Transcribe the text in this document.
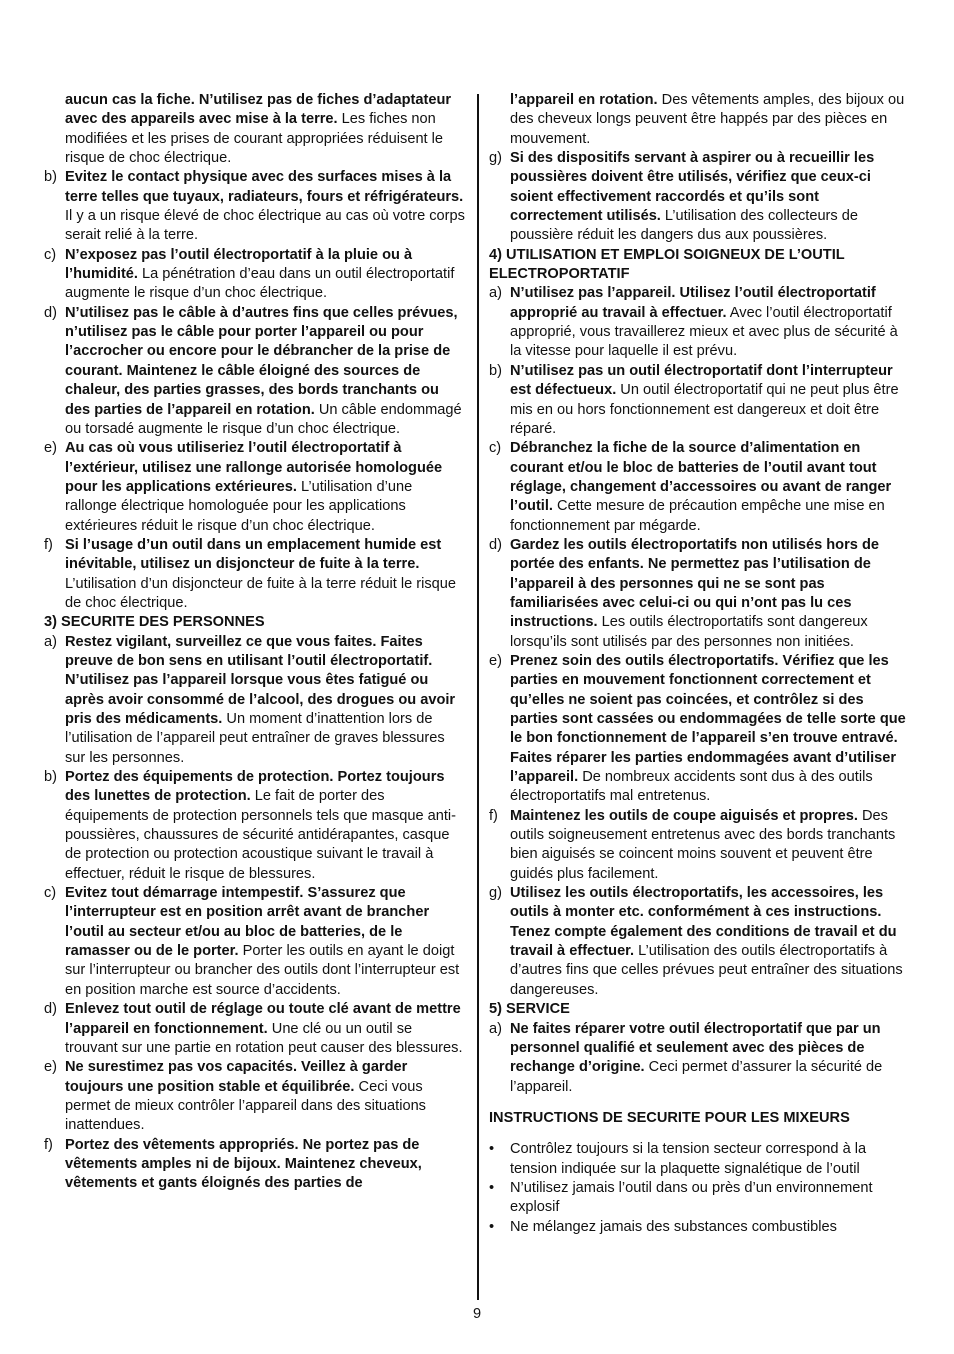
aucun cas la fiche. N’utilisez pas de fiches d’adaptateur avec des appareils avec mise à la terre. Les fiches non modifiées et les prises de courant appropriées réduisent le risque de choc électrique.
b) Evitez le contact physique avec des surfaces mises à la terre telles que tuyaux, radiateurs, fours et réfrigérateurs. Il y a un risque élevé de choc électrique au cas où votre corps serait relié à la terre.
c) N’exposez pas l’outil électroportatif à la pluie ou à l’humidité. La pénétration d’eau dans un outil électroportatif augmente le risque d’un choc électrique.
d) N’utilisez pas le câble à d’autres fins que celles prévues, n’utilisez pas le câble pour porter l’appareil ou pour l’accrocher ou encore pour le débrancher de la prise de courant. Maintenez le câble éloigné des sources de chaleur, des parties grasses, des bords tranchants ou des parties de l’appareil en rotation. Un câble endommagé ou torsadé augmente le risque d’un choc électrique.
e) Au cas où vous utiliseriez l’outil électroportatif à l’extérieur, utilisez une rallonge autorisée homologuée pour les applications extérieures. L’utilisation d’une rallonge électrique homologuée pour les applications extérieures réduit le risque d’un choc électrique.
f) Si l’usage d’un outil dans un emplacement humide est inévitable, utilisez un disjoncteur de fuite à la terre. L’utilisation d’un disjoncteur de fuite à la terre réduit le risque de choc électrique.
3) SECURITE DES PERSONNES
a) Restez vigilant, surveillez ce que vous faites. Faites preuve de bon sens en utilisant l’outil électroportatif. N’utilisez pas l’appareil lorsque vous êtes fatigué ou après avoir consommé de l’alcool, des drogues ou avoir pris des médicaments. Un moment d’inattention lors de l’utilisation de l’appareil peut entraîner de graves blessures sur les personnes.
b) Portez des équipements de protection. Portez toujours des lunettes de protection. Le fait de porter des équipements de protection personnels tels que masque anti-poussières, chaussures de sécurité antidérapantes, casque de protection ou protection acoustique suivant le travail à effectuer, réduit le risque de blessures.
c) Evitez tout démarrage intempestif. S’assurez que l’interrupteur est en position arrêt avant de brancher l’outil au secteur et/ou au bloc de batteries, de le ramasser ou de le porter. Porter les outils en ayant le doigt sur l’interrupteur ou brancher des outils dont l’interrupteur est en position marche est source d’accidents.
d) Enlevez tout outil de réglage ou toute clé avant de mettre l’appareil en fonctionnement. Une clé ou un outil se trouvant sur une partie en rotation peut causer des blessures.
e) Ne surestimez pas vos capacités. Veillez à garder toujours une position stable et équilibrée. Ceci vous permet de mieux contrôler l’appareil dans des situations inattendues.
f) Portez des vêtements appropriés. Ne portez pas de vêtements amples ni de bijoux. Maintenez cheveux, vêtements et gants éloignés des parties de
l’appareil en rotation. Des vêtements amples, des bijoux ou des cheveux longs peuvent être happés par des pièces en mouvement.
g) Si des dispositifs servant à aspirer ou à recueillir les poussières doivent être utilisés, vérifiez que ceux-ci soient effectivement raccordés et qu’ils sont correctement utilisés. L’utilisation des collecteurs de poussière réduit les dangers dus aux poussières.
4) UTILISATION ET EMPLOI SOIGNEUX DE L’OUTIL ELECTROPORTATIF
a) N’utilisez pas l’appareil. Utilisez l’outil électroportatif approprié au travail à effectuer. Avec l’outil électroportatif approprié, vous travaillerez mieux et avec plus de sécurité à la vitesse pour laquelle il est prévu.
b) N’utilisez pas un outil électroportatif dont l’interrupteur est défectueux. Un outil électroportatif qui ne peut plus être mis en ou hors fonctionnement est dangereux et doit être réparé.
c) Débranchez la fiche de la source d’alimentation en courant et/ou le bloc de batteries de l’outil avant tout réglage, changement d’accessoires ou avant de ranger l’outil. Cette mesure de précaution empêche une mise en fonctionnement par mégarde.
d) Gardez les outils électroportatifs non utilisés hors de portée des enfants. Ne permettez pas l’utilisation de l’appareil à des personnes qui ne se sont pas familiarisées avec celui-ci ou qui n’ont pas lu ces instructions. Les outils électroportatifs sont dangereux lorsqu’ils sont utilisés par des personnes non initiées.
e) Prenez soin des outils électroportatifs. Vérifiez que les parties en mouvement fonctionnent correctement et qu’elles ne soient pas coincées, et contrôlez si des parties sont cassées ou endommagées de telle sorte que le bon fonctionnement de l’appareil s’en trouve entravé. Faites réparer les parties endommagées avant d’utiliser l’appareil. De nombreux accidents sont dus à des outils électroportatifs mal entretenus.
f) Maintenez les outils de coupe aiguisés et propres. Des outils soigneusement entretenus avec des bords tranchants bien aiguisés se coincent moins souvent et peuvent être guidés plus facilement.
g) Utilisez les outils électroportatifs, les accessoires, les outils à monter etc. conformément à ces instructions. Tenez compte également des conditions de travail et du travail à effectuer. L’utilisation des outils électroportatifs à d’autres fins que celles prévues peut entraîner des situations dangereuses.
5) SERVICE
a) Ne faites réparer votre outil électroportatif que par un personnel qualifié et seulement avec des pièces de rechange d’origine. Ceci permet d’assurer la sécurité de l’appareil.
INSTRUCTIONS DE SECURITE POUR LES MIXEURS
•	Contrôlez toujours si la tension secteur correspond à la tension indiquée sur la plaquette signalétique de l’outil
•	N’utilisez jamais l’outil dans ou près d’un environnement explosif
•	Ne mélangez jamais des substances combustibles
9
